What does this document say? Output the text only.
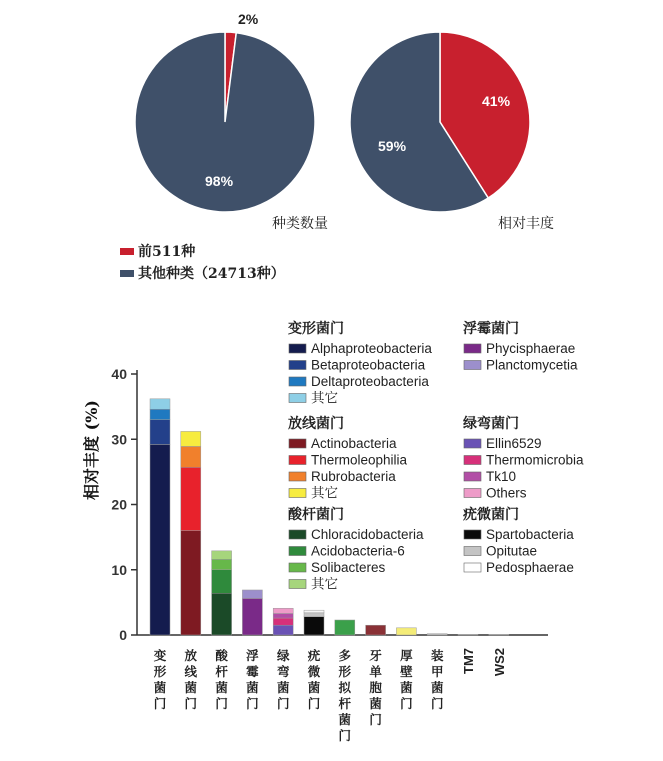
2%
98%
种类数量
41%
59%
相对丰度
前511种
其他种类（24713种）
0
10
20
30
40
相对丰度 (%)
变形菌门
放线菌门
酸杆菌门
浮霉菌门
绿弯菌门
疣微菌门
多形拟杆菌门
牙单胞菌门
厚壁菌门
装甲菌门
TM7 WS2
变形菌门
Alphaproteobacteria
Betaproteobacteria
Deltaproteobacteria
其它
放线菌门
Actinobacteria
Thermoleophilia
Rubrobacteria
其它
酸杆菌门
Chloracidobacteria
Acidobacteria-6
Solibacteres
其它
浮霉菌门
Phycisphaerae
Planctomycetia
绿弯菌门
Ellin6529
Thermomicrobia
Tk10
Others
疣微菌门
Spartobacteria
Opitutae
Pedosphaerae
